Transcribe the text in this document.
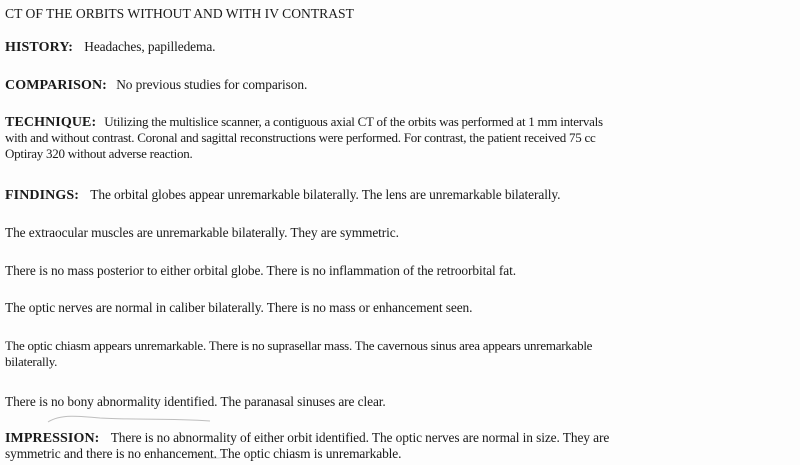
CT OF THE ORBITS WITHOUT AND WITH IV CONTRAST
HISTORY: Headaches, papilledema.
COMPARISON: No previous studies for comparison.
TECHNIQUE: Utilizing the multislice scanner, a contiguous axial CT of the orbits was performed at 1 mm intervals
with and without contrast. Coronal and sagittal reconstructions were performed. For contrast, the patient received 75 cc
Optiray 320 without adverse reaction.
FINDINGS: The orbital globes appear unremarkable bilaterally. The lens are unremarkable bilaterally.
The extraocular muscles are unremarkable bilaterally. They are symmetric.
There is no mass posterior to either orbital globe. There is no inflammation of the retroorbital fat.
The optic nerves are normal in caliber bilaterally. There is no mass or enhancement seen.
The optic chiasm appears unremarkable. There is no suprasellar mass. The cavernous sinus area appears unremarkable
bilaterally.
There is no bony abnormality identified. The paranasal sinuses are clear.
IMPRESSION: There is no abnormality of either orbit identified. The optic nerves are normal in size. They are
symmetric and there is no enhancement. The optic chiasm is unremarkable.
